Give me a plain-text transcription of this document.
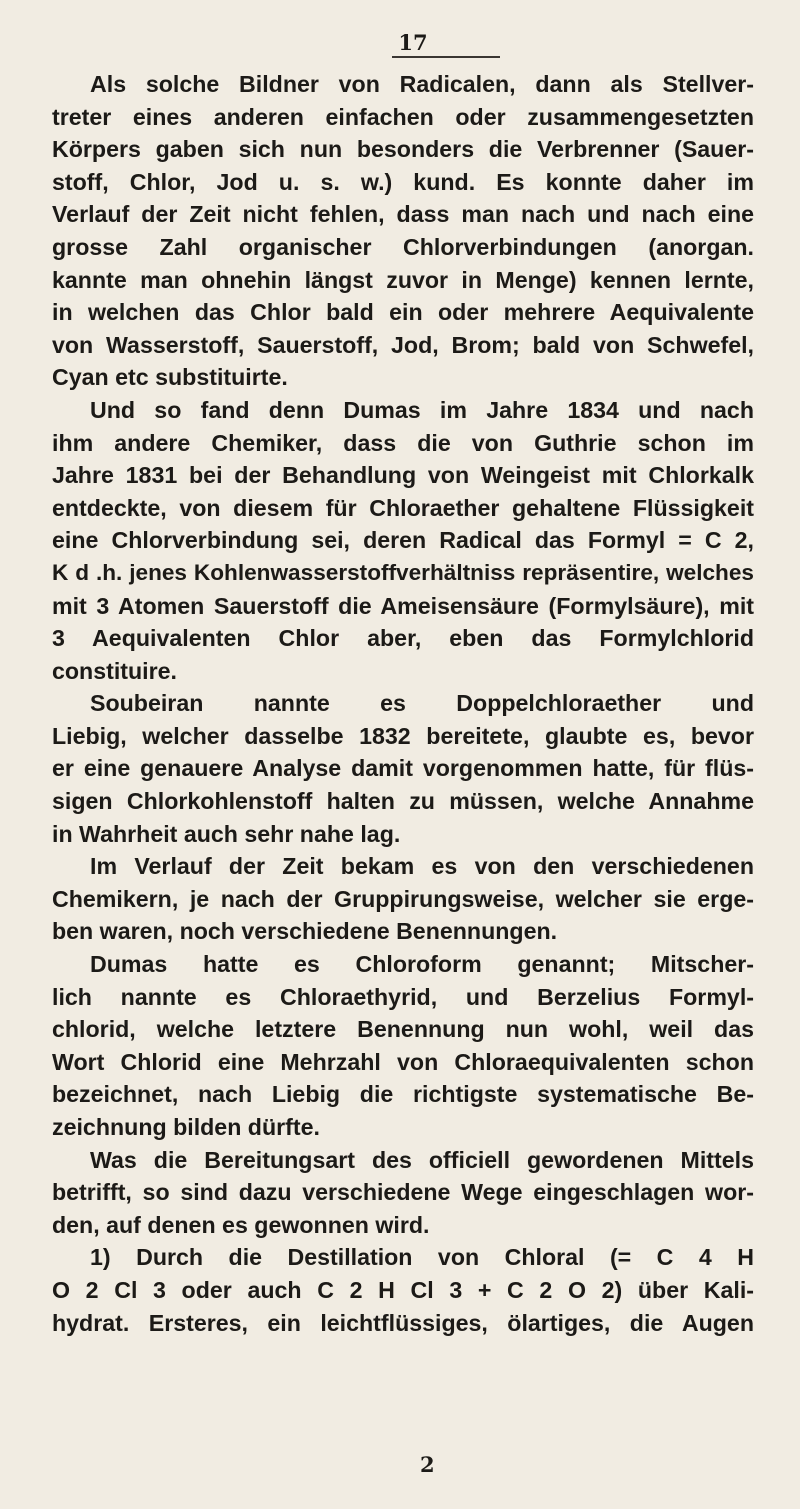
17
Als solche Bildner von Radicalen, dann als Stellver-
treter eines anderen einfachen oder zusammengesetzten
Körpers gaben sich nun besonders die Verbrenner (Sauer-
stoff, Chlor, Jod u. s. w.) kund. Es konnte daher im
Verlauf der Zeit nicht fehlen, dass man nach und nach eine
grosse Zahl organischer Chlorverbindungen (anorgan.
kannte man ohnehin längst zuvor in Menge) kennen lernte,
in welchen das Chlor bald ein oder mehrere Aequivalente
von Wasserstoff, Sauerstoff, Jod, Brom; bald von Schwefel,
Cyan etc substituirte.
Und so fand denn Dumas im Jahre 1834 und nach
ihm andere Chemiker, dass die von Guthrie schon im
Jahre 1831 bei der Behandlung von Weingeist mit Chlorkalk
entdeckte, von diesem für Chloraether gehaltene Flüssigkeit
eine Chlorverbindung sei, deren Radical das Formyl = C 2,
K d .h. jenes Kohlenwasserstoffverhältniss repräsentire, welches
mit 3 Atomen Sauerstoff die Ameisensäure (Formylsäure), mit
3 Aequivalenten Chlor aber, eben das Formylchlorid
constituire.
Soubeiran nannte es Doppelchloraether und
Liebig, welcher dasselbe 1832 bereitete, glaubte es, bevor
er eine genauere Analyse damit vorgenommen hatte, für flüs-
sigen Chlorkohlenstoff halten zu müssen, welche Annahme
in Wahrheit auch sehr nahe lag.
Im Verlauf der Zeit bekam es von den verschiedenen
Chemikern, je nach der Gruppirungsweise, welcher sie erge-
ben waren, noch verschiedene Benennungen.
Dumas hatte es Chloroform genannt; Mitscher-
lich nannte es Chloraethyrid, und Berzelius Formyl-
chlorid, welche letztere Benennung nun wohl, weil das
Wort Chlorid eine Mehrzahl von Chloraequivalenten schon
bezeichnet, nach Liebig die richtigste systematische Be-
zeichnung bilden dürfte.
Was die Bereitungsart des officiell gewordenen Mittels
betrifft, so sind dazu verschiedene Wege eingeschlagen wor-
den, auf denen es gewonnen wird.
1) Durch die Destillation von Chloral (= C 4 H
O 2 Cl 3 oder auch C 2 H Cl 3 + C 2 O 2) über Kali-
hydrat. Ersteres, ein leichtflüssiges, ölartiges, die Augen
2
